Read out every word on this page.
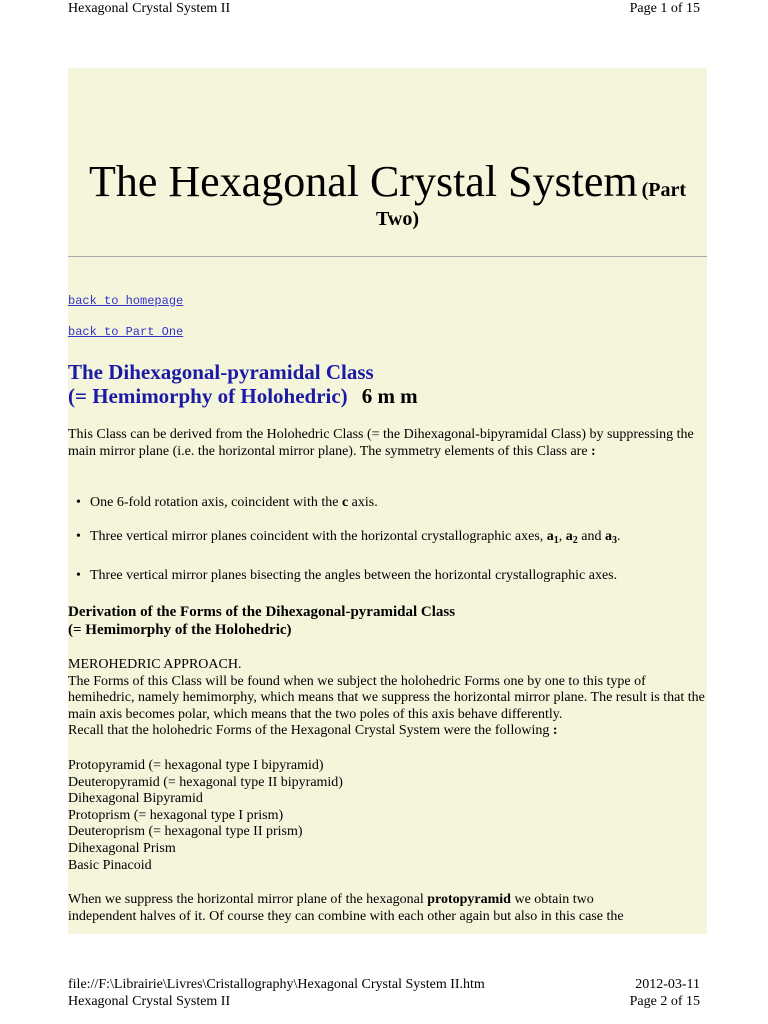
Hexagonal Crystal System II	Page 1 of 15
The Hexagonal Crystal System (Part
Two)
back to homepage
back to Part One
The Dihexagonal-pyramidal Class
(= Hemimorphy of Holohedric) 6 m m
This Class can be derived from the Holohedric Class (= the Dihexagonal-bipyramidal Class) by suppressing the main mirror plane (i.e. the horizontal mirror plane). The symmetry elements of this Class are :
• One 6-fold rotation axis, coincident with the c axis.
• Three vertical mirror planes coincident with the horizontal crystallographic axes, $a_1$, $a_2$ and $a_3$.
• Three vertical mirror planes bisecting the angles between the horizontal crystallographic axes.
Derivation of the Forms of the Dihexagonal-pyramidal Class
(= Hemimorphy of the Holohedric)
MEROHEDRIC APPROACH.
The Forms of this Class will be found when we subject the holohedric Forms one by one to this type of hemihedric, namely hemimorphy, which means that we suppress the horizontal mirror plane. The result is that the main axis becomes polar, which means that the two poles of this axis behave differently.
Recall that the holohedric Forms of the Hexagonal Crystal System were the following :
Protopyramid (= hexagonal type I bipyramid)
Deuteropyramid (= hexagonal type II bipyramid)
Dihexagonal Bipyramid
Protoprism (= hexagonal type I prism)
Deuteroprism (= hexagonal type II prism)
Dihexagonal Prism
Basic Pinacoid
When we suppress the horizontal mirror plane of the hexagonal protopyramid we obtain two
independent halves of it. Of course they can combine with each other again but also in this case the
file://F:\Librairie\Livres\Cristallography\Hexagonal Crystal System II.htm	2012-03-11
Hexagonal Crystal System II	Page 2 of 15
